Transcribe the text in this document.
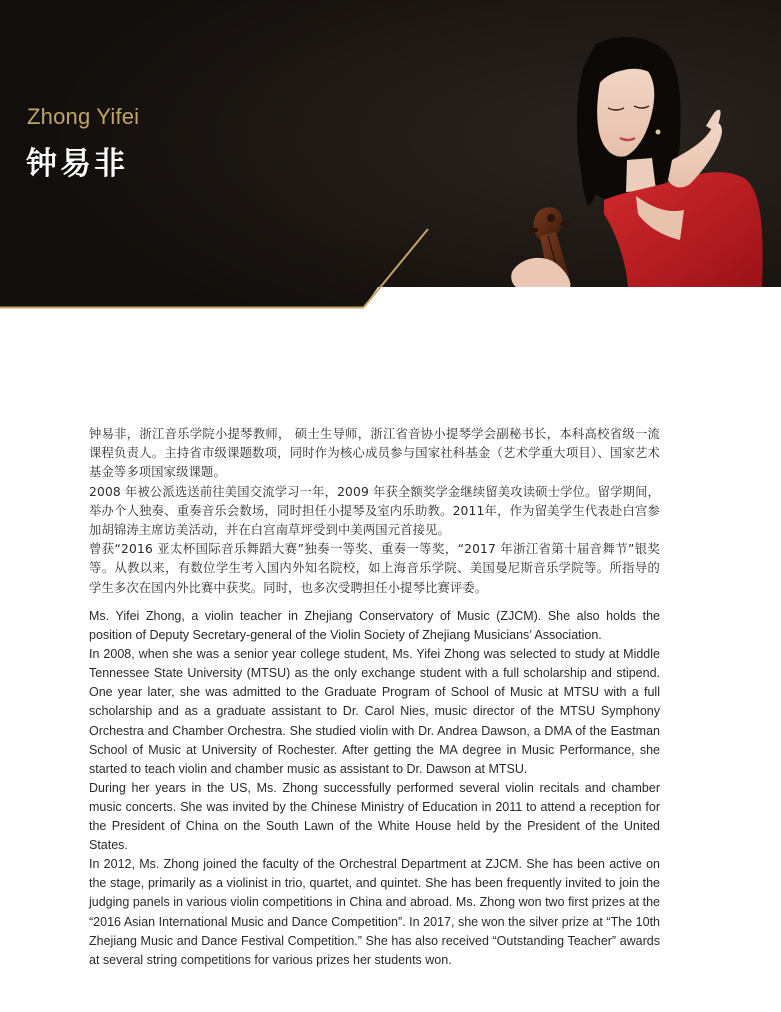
Zhong Yifei
钟易非

钟易非，浙江音乐学院小提琴教师， 硕士生导师，浙江省音协小提琴学会副秘书长，本科高校省级一流课程负责人。主持省市级课题数项，同时作为核心成员参与国家社科基金（艺术学重大项目）、国家艺术基金等多项国家级课题。

2008 年被公派选送前往美国交流学习一年，2009 年获全额奖学金继续留美攻读硕士学位。留学期间，举办个人独奏、重奏音乐会数场，同时担任小提琴及室内乐助教。2011年，作为留美学生代表赴白宫参加胡锦涛主席访美活动，并在白宫南草坪受到中美两国元首接见。

曾获“2016 亚太杯国际音乐舞蹈大赛”独奏一等奖、重奏一等奖，“2017 年浙江省第十届音舞节”银奖等。从教以来，有数位学生考入国内外知名院校，如上海音乐学院、美国曼尼斯音乐学院等。所指导的学生多次在国内外比赛中获奖。同时，也多次受聘担任小提琴比赛评委。

Ms. Yifei Zhong, a violin teacher in Zhejiang Conservatory of Music (ZJCM). She also holds the position of Deputy Secretary-general of the Violin Society of Zhejiang Musicians’ Association.

In 2008, when she was a senior year college student, Ms. Yifei Zhong was selected to study at Middle Tennessee State University (MTSU) as the only exchange student with a full scholarship and stipend. One year later, she was admitted to the Graduate Program of School of Music at MTSU with a full scholarship and as a graduate assistant to Dr. Carol Nies, music director of the MTSU Symphony Orchestra and Chamber Orchestra. She studied violin with Dr. Andrea Dawson, a DMA of the Eastman School of Music at University of Rochester. After getting the MA degree in Music Performance, she started to teach violin and chamber music as assistant to Dr. Dawson at MTSU.

During her years in the US, Ms. Zhong successfully performed several violin recitals and chamber music concerts. She was invited by the Chinese Ministry of Education in 2011 to attend a reception for the President of China on the South Lawn of the White House held by the President of the United States.

In 2012, Ms. Zhong joined the faculty of the Orchestral Department at ZJCM. She has been active on the stage, primarily as a violinist in trio, quartet, and quintet. She has been frequently invited to join the judging panels in various violin competitions in China and abroad. Ms. Zhong won two first prizes at the “2016 Asian International Music and Dance Competition”. In 2017, she won the silver prize at “The 10th Zhejiang Music and Dance Festival Competition.” She has also received “Outstanding Teacher” awards at several string competitions for various prizes her students won.
